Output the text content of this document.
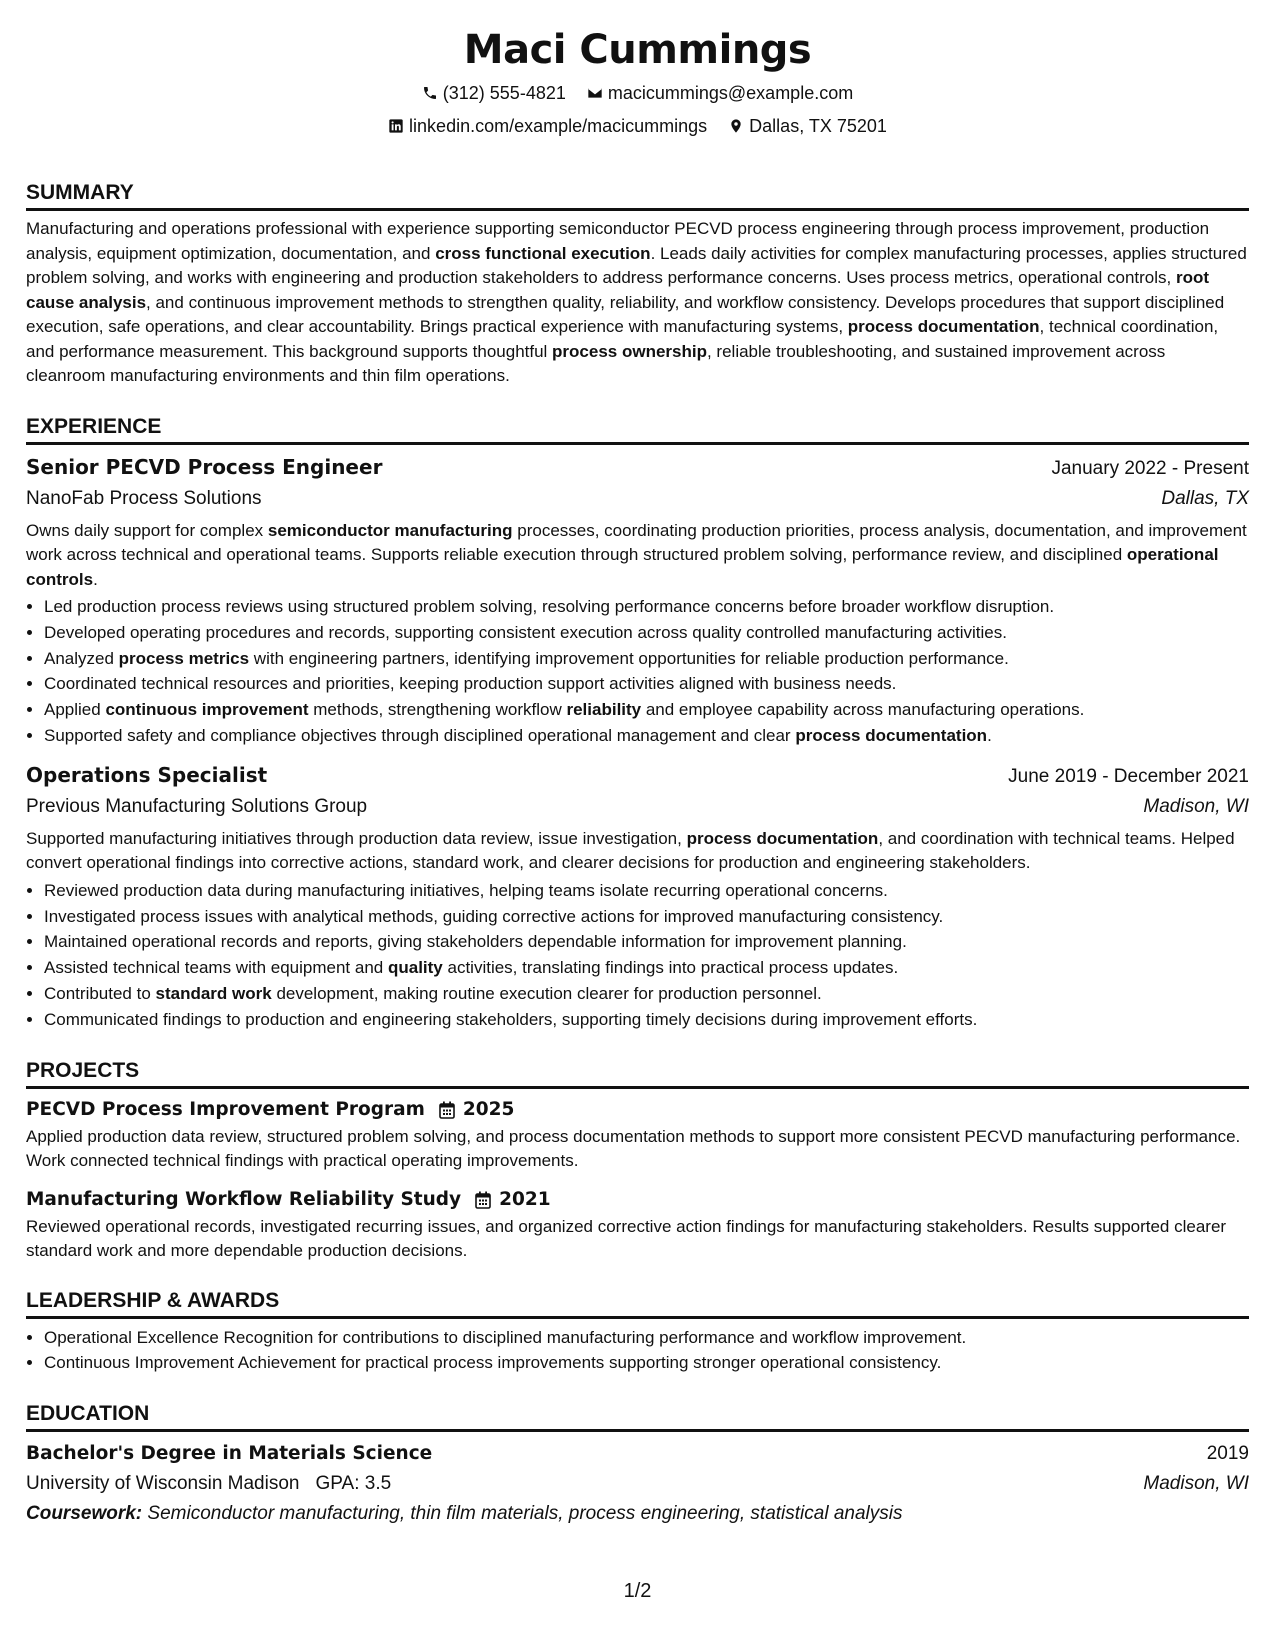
Maci Cummings
(312) 555-4821
macicummings@example.com
linkedin.com/example/macicummings
Dallas, TX 75201
SUMMARY

Manufacturing and operations professional with experience supporting semiconductor PECVD process engineering through process improvement, production analysis, equipment optimization, documentation, and cross functional execution. Leads daily activities for complex manufacturing processes, applies structured problem solving, and works with engineering and production stakeholders to address performance concerns. Uses process metrics, operational controls, root cause analysis, and continuous improvement methods to strengthen quality, reliability, and workflow consistency. Develops procedures that support disciplined execution, safe operations, and clear accountability. Brings practical experience with manufacturing systems, process documentation, technical coordination, and performance measurement. This background supports thoughtful process ownership, reliable troubleshooting, and sustained improvement across cleanroom manufacturing environments and thin film operations.

EXPERIENCE
Senior PECVD Process Engineer	January 2022 - Present
NanoFab Process Solutions	Dallas, TX

Owns daily support for complex semiconductor manufacturing processes, coordinating production priorities, process analysis, documentation, and improvement work across technical and operational teams. Supports reliable execution through structured problem solving, performance review, and disciplined operational controls.

• Led production process reviews using structured problem solving, resolving performance concerns before broader workflow disruption.
• Developed operating procedures and records, supporting consistent execution across quality controlled manufacturing activities.
• Analyzed process metrics with engineering partners, identifying improvement opportunities for reliable production performance.
• Coordinated technical resources and priorities, keeping production support activities aligned with business needs.
• Applied continuous improvement methods, strengthening workflow reliability and employee capability across manufacturing operations.
• Supported safety and compliance objectives through disciplined operational management and clear process documentation.
Operations Specialist	June 2019 - December 2021
Previous Manufacturing Solutions Group	Madison, WI

Supported manufacturing initiatives through production data review, issue investigation, process documentation, and coordination with technical teams. Helped convert operational findings into corrective actions, standard work, and clearer decisions for production and engineering stakeholders.

• Reviewed production data during manufacturing initiatives, helping teams isolate recurring operational concerns.
• Investigated process issues with analytical methods, guiding corrective actions for improved manufacturing consistency.
• Maintained operational records and reports, giving stakeholders dependable information for improvement planning.
• Assisted technical teams with equipment and quality activities, translating findings into practical process updates.
• Contributed to standard work development, making routine execution clearer for production personnel.
• Communicated findings to production and engineering stakeholders, supporting timely decisions during improvement efforts.
PROJECTS
PECVD Process Improvement Program 2025

Applied production data review, structured problem solving, and process documentation methods to support more consistent PECVD manufacturing performance. Work connected technical findings with practical operating improvements.

Manufacturing Workflow Reliability Study 2021

Reviewed operational records, investigated recurring issues, and organized corrective action findings for manufacturing stakeholders. Results supported clearer standard work and more dependable production decisions.

LEADERSHIP & AWARDS
• Operational Excellence Recognition for contributions to disciplined manufacturing performance and workflow improvement.
• Continuous Improvement Achievement for practical process improvements supporting stronger operational consistency.
EDUCATION
Bachelor's Degree in Materials Science	2019
University of Wisconsin Madison GPA: 3.5	Madison, WI
Coursework: Semiconductor manufacturing, thin film materials, process engineering, statistical analysis
1/2
